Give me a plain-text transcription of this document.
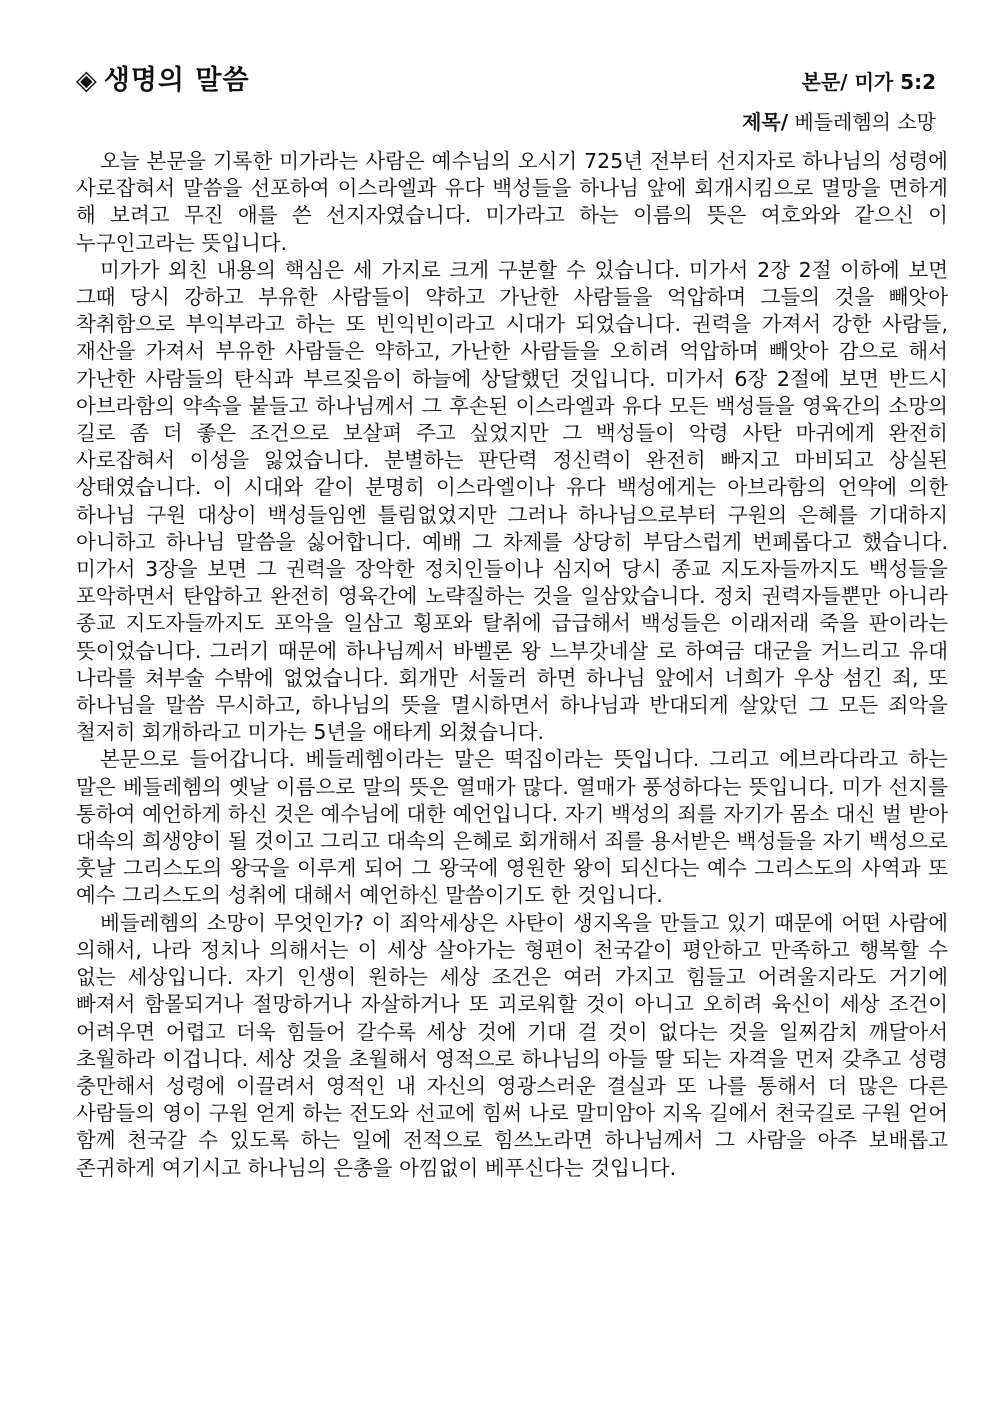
◈ 생명의 말씀	본문/ 미가 5:2
제목/ 베들레헴의 소망

오늘 본문을 기록한 미가라는 사람은 예수님의 오시기 725년 전부터 선지자로 하나님의 성령에 사로잡혀서 말씀을 선포하여 이스라엘과 유다 백성들을 하나님 앞에 회개시킴으로 멸망을 면하게 해 보려고 무진 애를 쓴 선지자였습니다. 미가라고 하는 이름의 뜻은 여호와와 같으신 이 누구인고라는 뜻입니다.

미가가 외친 내용의 핵심은 세 가지로 크게 구분할 수 있습니다. 미가서 2장 2절 이하에 보면 그때 당시 강하고 부유한 사람들이 약하고 가난한 사람들을 억압하며 그들의 것을 빼앗아 착취함으로 부익부라고 하는 또 빈익빈이라고 시대가 되었습니다. 권력을 가져서 강한 사람들, 재산을 가져서 부유한 사람들은 약하고, 가난한 사람들을 오히려 억압하며 빼앗아 감으로 해서 가난한 사람들의 탄식과 부르짖음이 하늘에 상달했던 것입니다. 미가서 6장 2절에 보면 반드시 아브라함의 약속을 붙들고 하나님께서 그 후손된 이스라엘과 유다 모든 백성들을 영육간의 소망의 길로 좀 더 좋은 조건으로 보살펴 주고 싶었지만 그 백성들이 악령 사탄 마귀에게 완전히 사로잡혀서 이성을 잃었습니다. 분별하는 판단력 정신력이 완전히 빠지고 마비되고 상실된 상태였습니다. 이 시대와 같이 분명히 이스라엘이나 유다 백성에게는 아브라함의 언약에 의한 하나님 구원 대상이 백성들임엔 틀림없었지만 그러나 하나님으로부터 구원의 은혜를 기대하지 아니하고 하나님 말씀을 싫어합니다. 예배 그 차제를 상당히 부담스럽게 번폐롭다고 했습니다. 미가서 3장을 보면 그 권력을 장악한 정치인들이나 심지어 당시 종교 지도자들까지도 백성들을 포악하면서 탄압하고 완전히 영육간에 노략질하는 것을 일삼았습니다. 정치 권력자들뿐만 아니라 종교 지도자들까지도 포악을 일삼고 횡포와 탈취에 급급해서 백성들은 이래저래 죽을 판이라는 뜻이었습니다. 그러기 때문에 하나님께서 바벨론 왕 느부갓네살 로 하여금 대군을 거느리고 유대 나라를 쳐부술 수밖에 없었습니다. 회개만 서둘러 하면 하나님 앞에서 너희가 우상 섬긴 죄, 또 하나님을 말씀 무시하고, 하나님의 뜻을 멸시하면서 하나님과 반대되게 살았던 그 모든 죄악을 철저히 회개하라고 미가는 5년을 애타게 외쳤습니다.

본문으로 들어갑니다. 베들레헴이라는 말은 떡집이라는 뜻입니다. 그리고 에브라다라고 하는 말은 베들레헴의 옛날 이름으로 말의 뜻은 열매가 많다. 열매가 풍성하다는 뜻입니다. 미가 선지를 통하여 예언하게 하신 것은 예수님에 대한 예언입니다. 자기 백성의 죄를 자기가 몸소 대신 벌 받아 대속의 희생양이 될 것이고 그리고 대속의 은혜로 회개해서 죄를 용서받은 백성들을 자기 백성으로 훗날 그리스도의 왕국을 이루게 되어 그 왕국에 영원한 왕이 되신다는 예수 그리스도의 사역과 또 예수 그리스도의 성취에 대해서 예언하신 말씀이기도 한 것입니다.

베들레헴의 소망이 무엇인가? 이 죄악세상은 사탄이 생지옥을 만들고 있기 때문에 어떤 사람에 의해서, 나라 정치나 의해서는 이 세상 살아가는 형편이 천국같이 평안하고 만족하고 행복할 수 없는 세상입니다. 자기 인생이 원하는 세상 조건은 여러 가지고 힘들고 어려울지라도 거기에 빠져서 함몰되거나 절망하거나 자살하거나 또 괴로워할 것이 아니고 오히려 육신이 세상 조건이 어려우면 어렵고 더욱 힘들어 갈수록 세상 것에 기대 걸 것이 없다는 것을 일찌감치 깨달아서 초월하라 이겁니다. 세상 것을 초월해서 영적으로 하나님의 아들 딸 되는 자격을 먼저 갖추고 성령 충만해서 성령에 이끌려서 영적인 내 자신의 영광스러운 결실과 또 나를 통해서 더 많은 다른 사람들의 영이 구원 얻게 하는 전도와 선교에 힘써 나로 말미암아 지옥 길에서 천국길로 구원 얻어 함께 천국갈 수 있도록 하는 일에 전적으로 힘쓰노라면 하나님께서 그 사람을 아주 보배롭고 존귀하게 여기시고 하나님의 은총을 아낌없이 베푸신다는 것입니다.
